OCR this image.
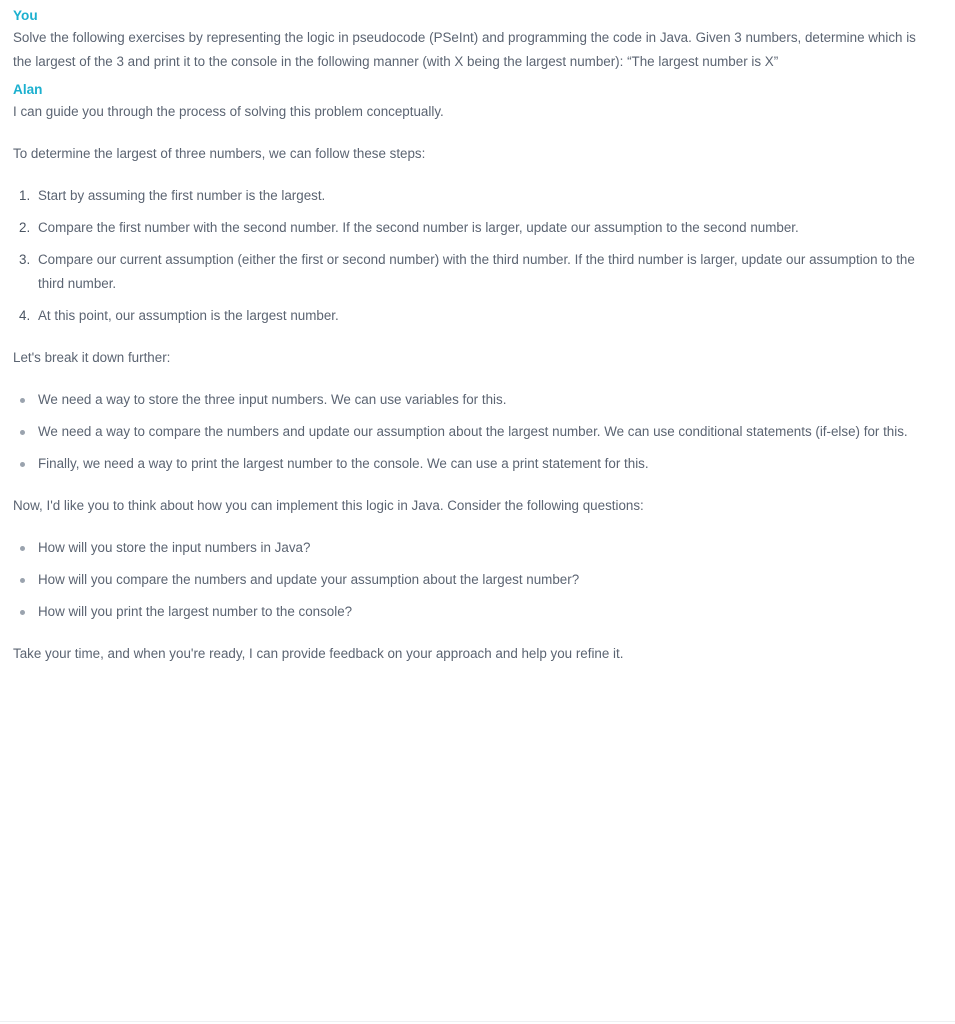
You

Solve the following exercises by representing the logic in pseudocode (PSeInt) and programming the code in Java. Given 3 numbers, determine which is the largest of the 3 and print it to the console in the following manner (with X being the largest number): “The largest number is X”

Alan

I can guide you through the process of solving this problem conceptually.

To determine the largest of three numbers, we can follow these steps:

1. Start by assuming the first number is the largest.
2. Compare the first number with the second number. If the second number is larger, update our assumption to the second number.
3. Compare our current assumption (either the first or second number) with the third number. If the third number is larger, update our assumption to the third number.
4. At this point, our assumption is the largest number.

Let's break it down further:

We need a way to store the three input numbers. We can use variables for this.
We need a way to compare the numbers and update our assumption about the largest number. We can use conditional statements (if-else) for this.
Finally, we need a way to print the largest number to the console. We can use a print statement for this.

Now, I'd like you to think about how you can implement this logic in Java. Consider the following questions:

How will you store the input numbers in Java?
How will you compare the numbers and update your assumption about the largest number?
How will you print the largest number to the console?

Take your time, and when you're ready, I can provide feedback on your approach and help you refine it.
